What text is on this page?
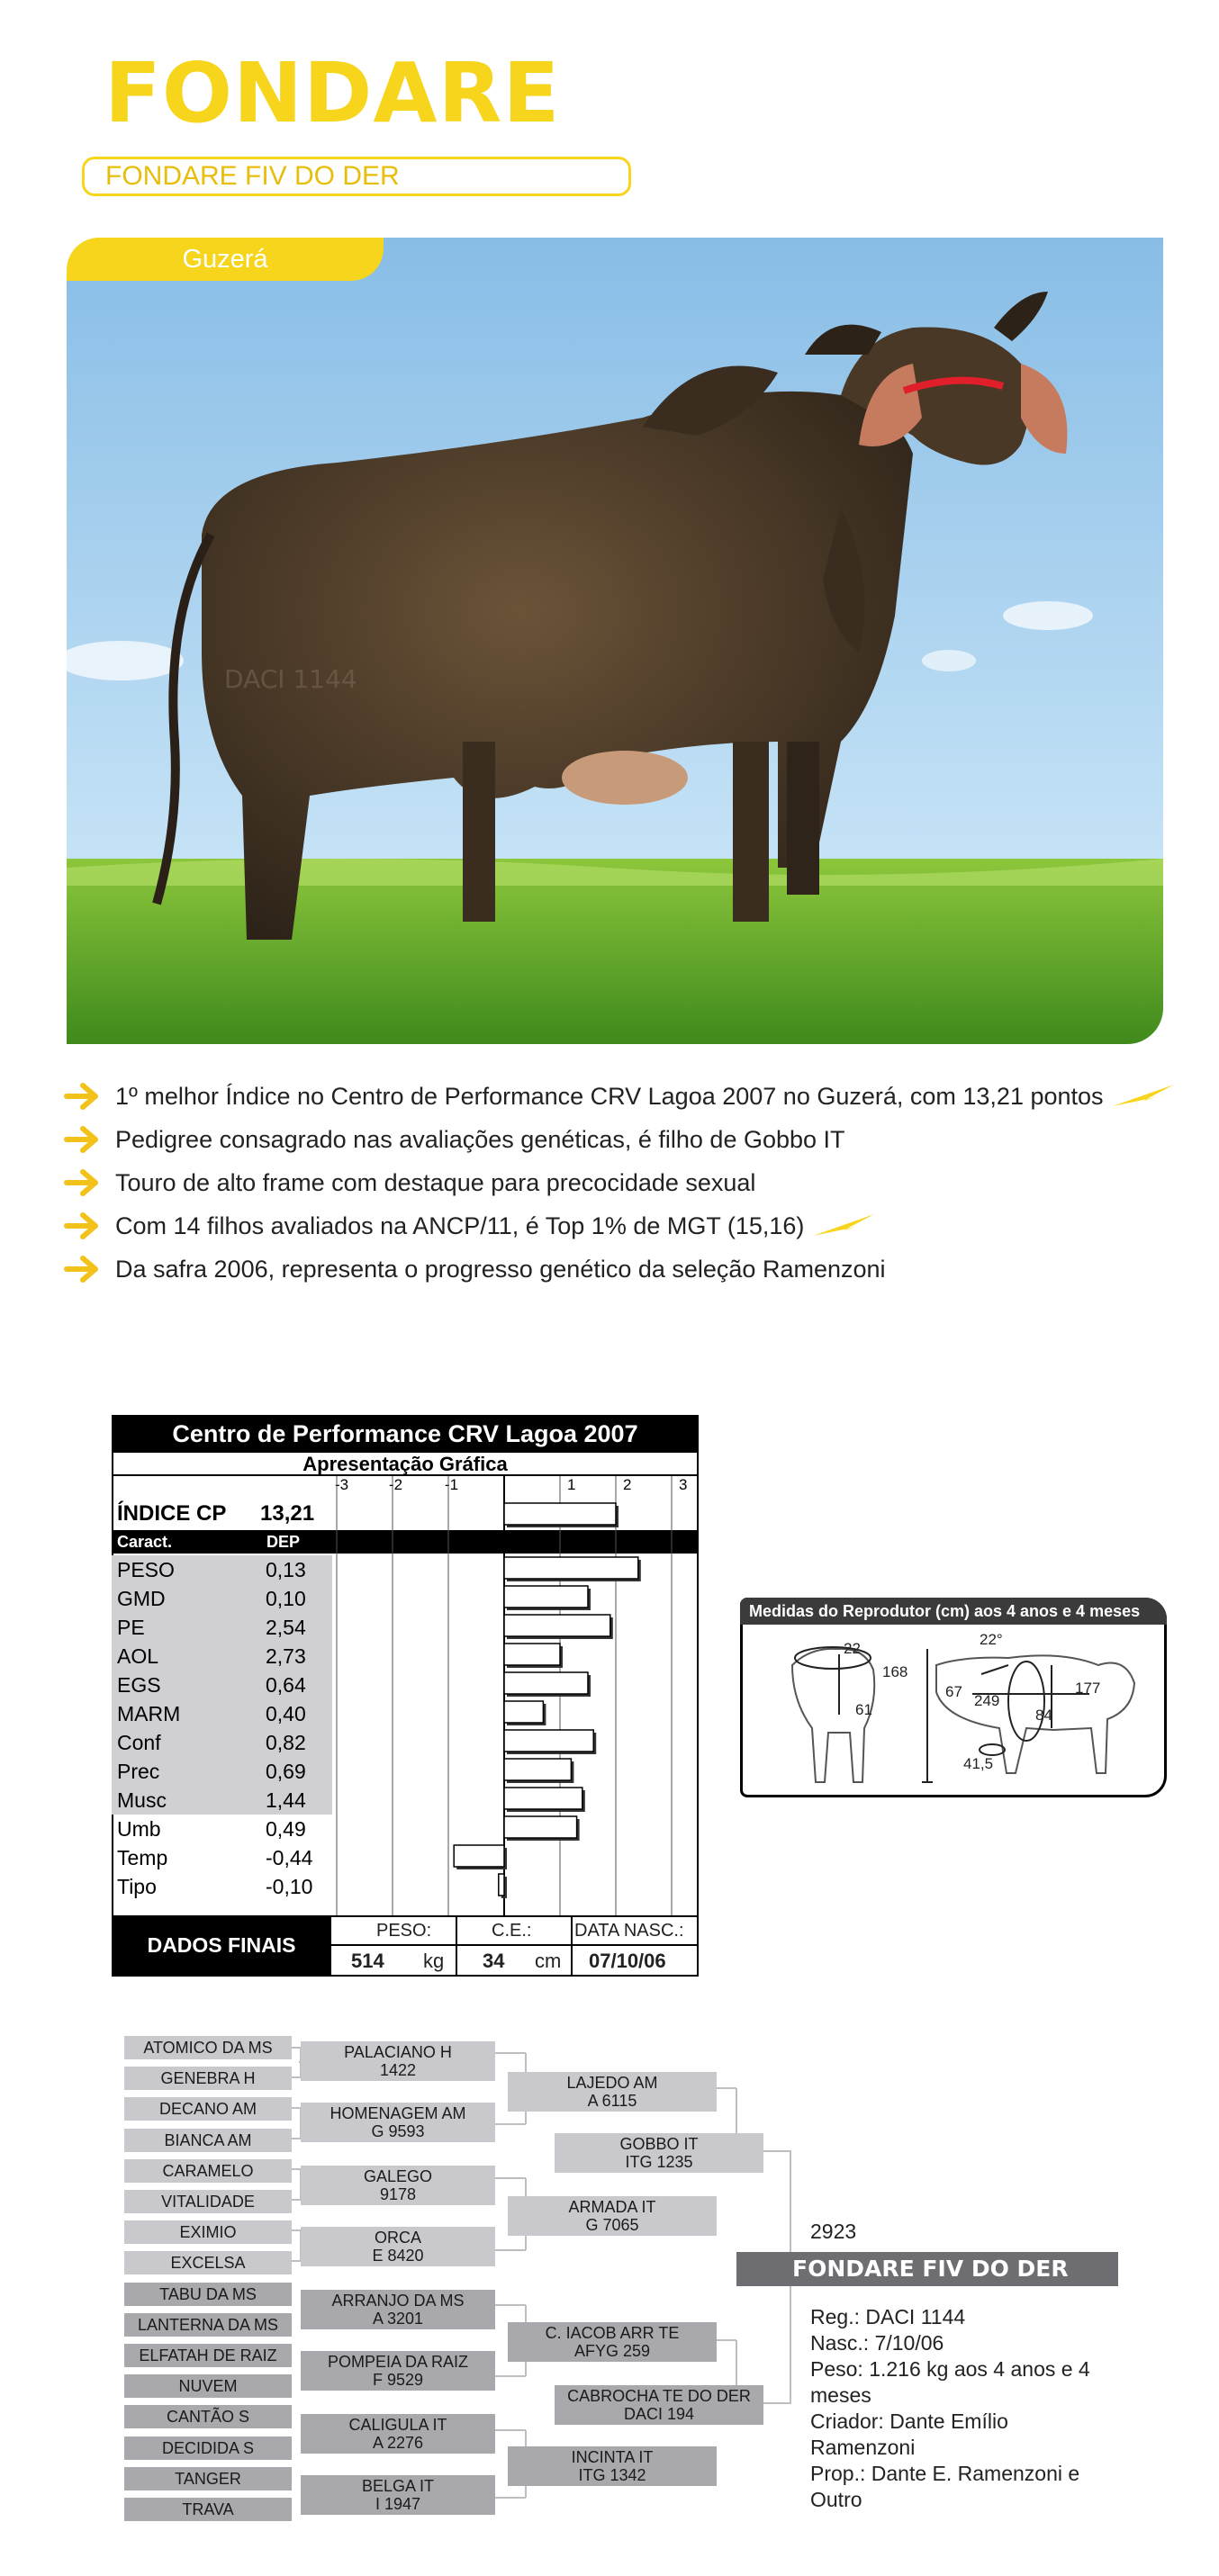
FONDARE
FONDARE FIV DO DER
DACI 1144
Guzerá
1º melhor Índice no Centro de Performance CRV Lagoa 2007 no Guzerá, com 13,21 pontos
Pedigree consagrado nas avaliações genéticas, é filho de Gobbo IT
Touro de alto frame com destaque para precocidade sexual
Com 14 filhos avaliados na ANCP/11, é Top 1% de MGT (15,16)
Da safra 2006, representa o progresso genético da seleção Ramenzoni
Centro de Performance CRV Lagoa 2007
Apresentação Gráfica
-3	-2	-1	1	2	3
ÍNDICE CP 13,21
Caract.	DEP
PESO	0,13
GMD	0,10
PE	2,54
AOL	2,73
EGS	0,64
MARM	0,40
Conf	0,82
Prec	0,69
Musc	1,44
Umb	0,49
Temp	-0,44
Tipo	-0,10
DADOS FINAIS
PESO:
514 kg
C.E.:
34 cm
DATA NASC.:
07/10/06
Medidas do Reprodutor (cm) aos 4 anos e 4 meses
22
61
168
22°
67
249
177
84
41,5
ATOMICO DA MS
GENEBRA H
DECANO AM
BIANCA AM
CARAMELO
VITALIDADE
EXIMIO
EXCELSA
TABU DA MS
LANTERNA DA MS
ELFATAH DE RAIZ
NUVEM
CANTÃO S
DECIDIDA S
TANGER
TRAVA
PALACIANO H
1422
HOMENAGEM AM
G 9593
GALEGO
9178
ORCA
E 8420
ARRANJO DA MS
A 3201
POMPEIA DA RAIZ
F 9529
CALIGULA IT
A 2276
BELGA IT
I 1947
LAJEDO AM
A 6115
ARMADA IT
G 7065
C. IACOB ARR TE
AFYG 259
INCINTA IT
ITG 1342
GOBBO IT
ITG 1235
CABROCHA TE DO DER
DACI 194
2923
FONDARE FIV DO DER
Reg.: DACI 1144
Nasc.: 7/10/06
Peso: 1.216 kg aos 4 anos e 4 meses
Criador: Dante Emílio Ramenzoni
Prop.: Dante E. Ramenzoni e Outro
